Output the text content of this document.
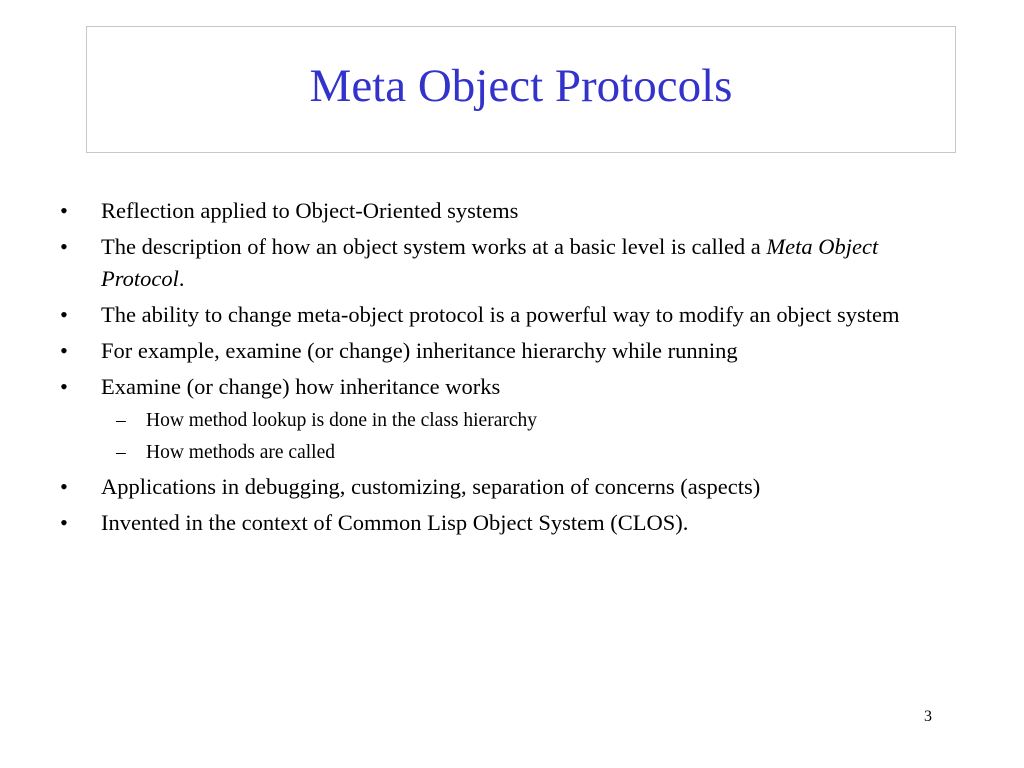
Meta Object Protocols
•	Reflection applied to Object-Oriented systems
•	The description of how an object system works at a basic level is called a Meta Object Protocol.
•	The ability to change meta-object protocol is a powerful way to modify an object system
•	For example, examine (or change) inheritance hierarchy while running
•	Examine (or change) how inheritance works
– How method lookup is done in the class hierarchy
– How methods are called
•	Applications in debugging, customizing, separation of concerns (aspects)
•	Invented in the context of Common Lisp Object System (CLOS).
3
